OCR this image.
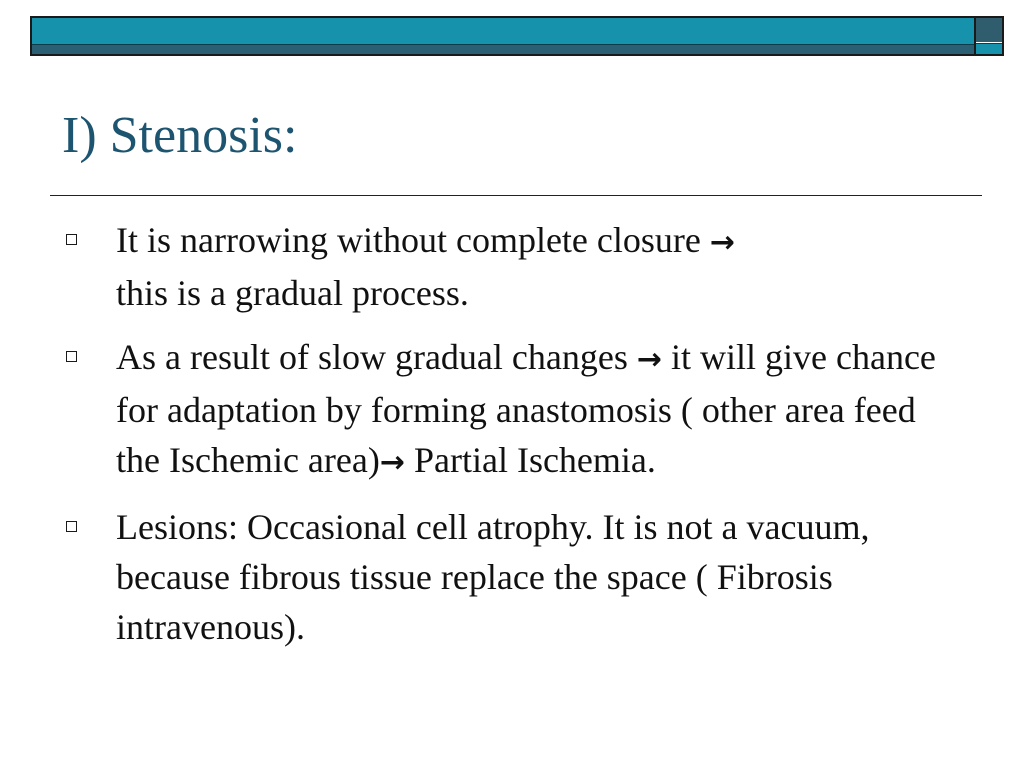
I) Stenosis:
It is narrowing without complete closure →
this is a gradual process.
As a result of slow gradual changes → it will give chance for adaptation by forming anastomosis ( other area feed the Ischemic area)→ Partial Ischemia.
Lesions: Occasional cell atrophy. It is not a vacuum, because fibrous tissue replace the space ( Fibrosis intravenous).
